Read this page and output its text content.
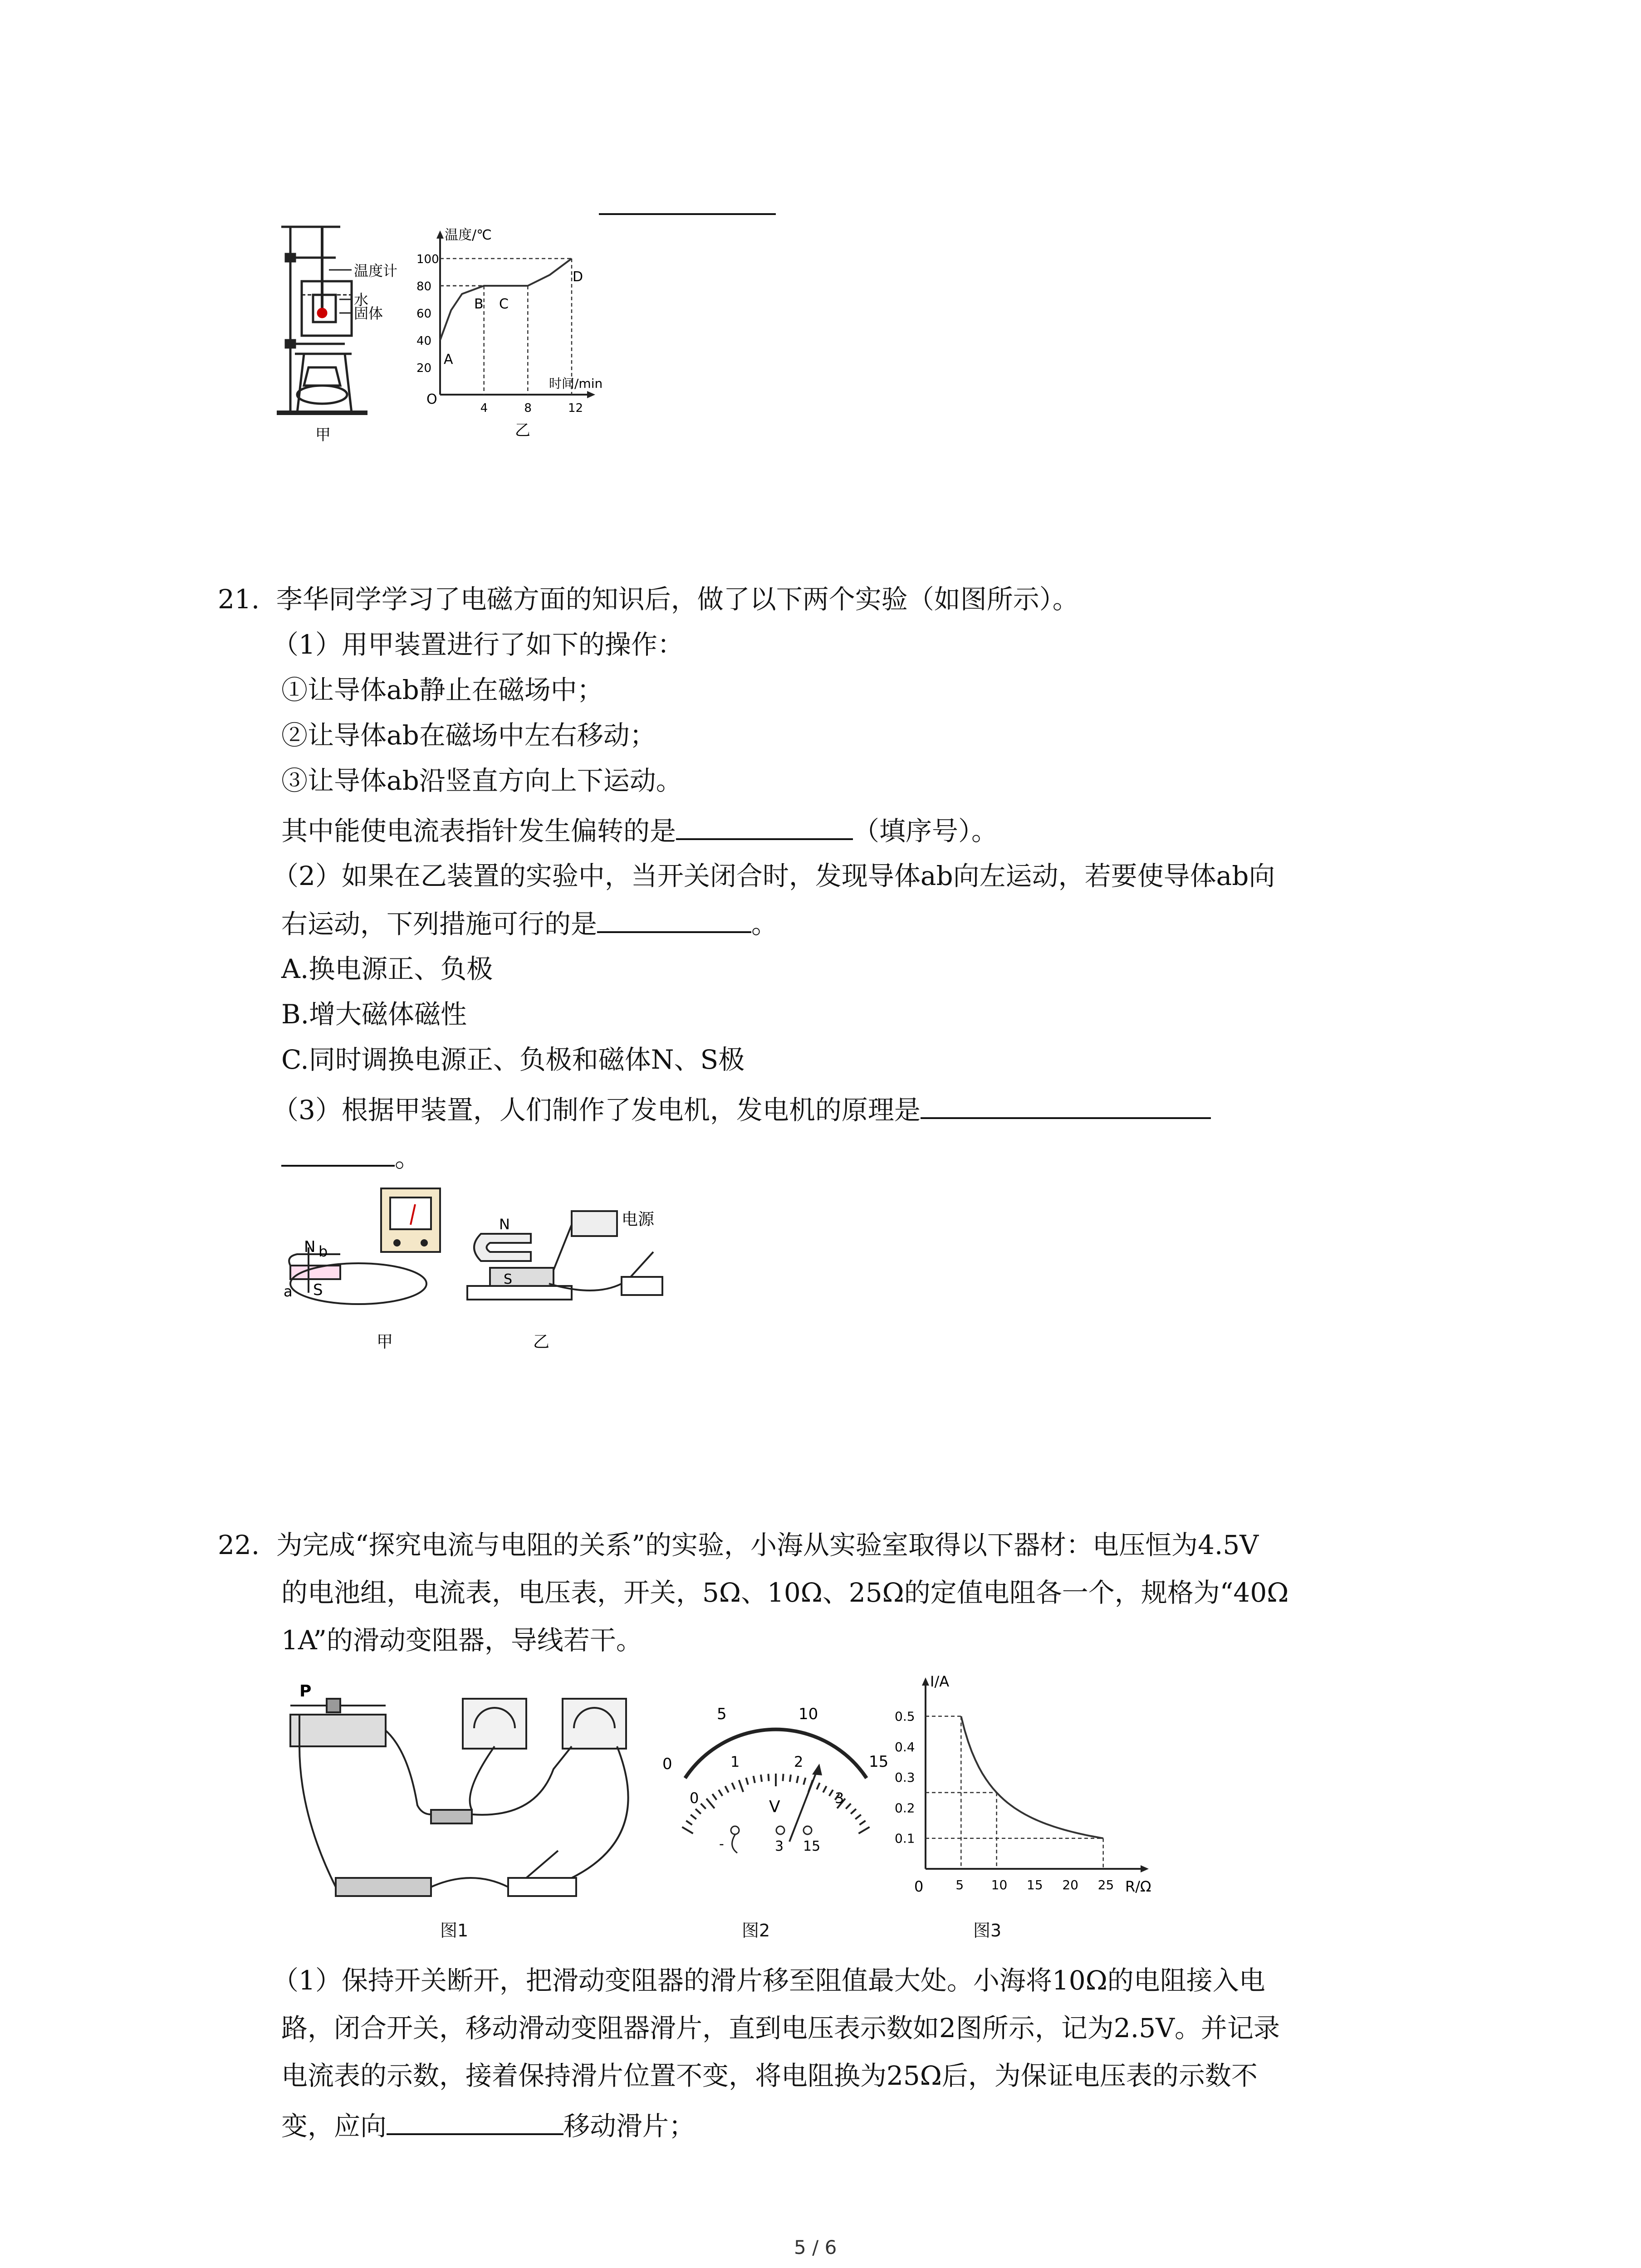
温度计
水
固体
甲
温度/℃
时间/min
O
100
80
60
40
20
4	8	12
A
B C
D
乙
21. 李华同学学习了电磁方面的知识后，做了以下两个实验（如图所示）。
（1）用甲装置进行了如下的操作：
①让导体ab静止在磁场中；
②让导体ab在磁场中左右移动；
③让导体ab沿竖直方向上下运动。
其中能使电流表指针发生偏转的是	（填序号）。
（2）如果在乙装置的实验中，当开关闭合时，发现导体ab向左运动，若要使导体ab向
右运动，下列措施可行的是	。
A.换电源正、负极
B.增大磁体磁性
C.同时调换电源正、负极和磁体N、S极
（3）根据甲装置，人们制作了发电机，发电机的原理是
。
N b
S
a
甲
N
S
电源
乙
22. 为完成“探究电流与电阻的关系”的实验，小海从实验室取得以下器材：电压恒为4.5V
的电池组，电流表，电压表，开关，5Ω、10Ω、25Ω的定值电阻各一个，规格为“40Ω
1A”的滑动变阻器，导线若干。
P
0
5	10
15
0
1	2
3
V
-	3 15
I/A
R/Ω
0
0.5
0.4
0.3
0.2
0.1
5 10 15 20 25
图1	图2	图3
（1）保持开关断开，把滑动变阻器的滑片移至阻值最大处。小海将10Ω的电阻接入电
路，闭合开关，移动滑动变阻器滑片，直到电压表示数如2图所示，记为2.5V。并记录
电流表的示数，接着保持滑片位置不变，将电阻换为25Ω后，为保证电压表的示数不
变，应向	移动滑片；
5 / 6
